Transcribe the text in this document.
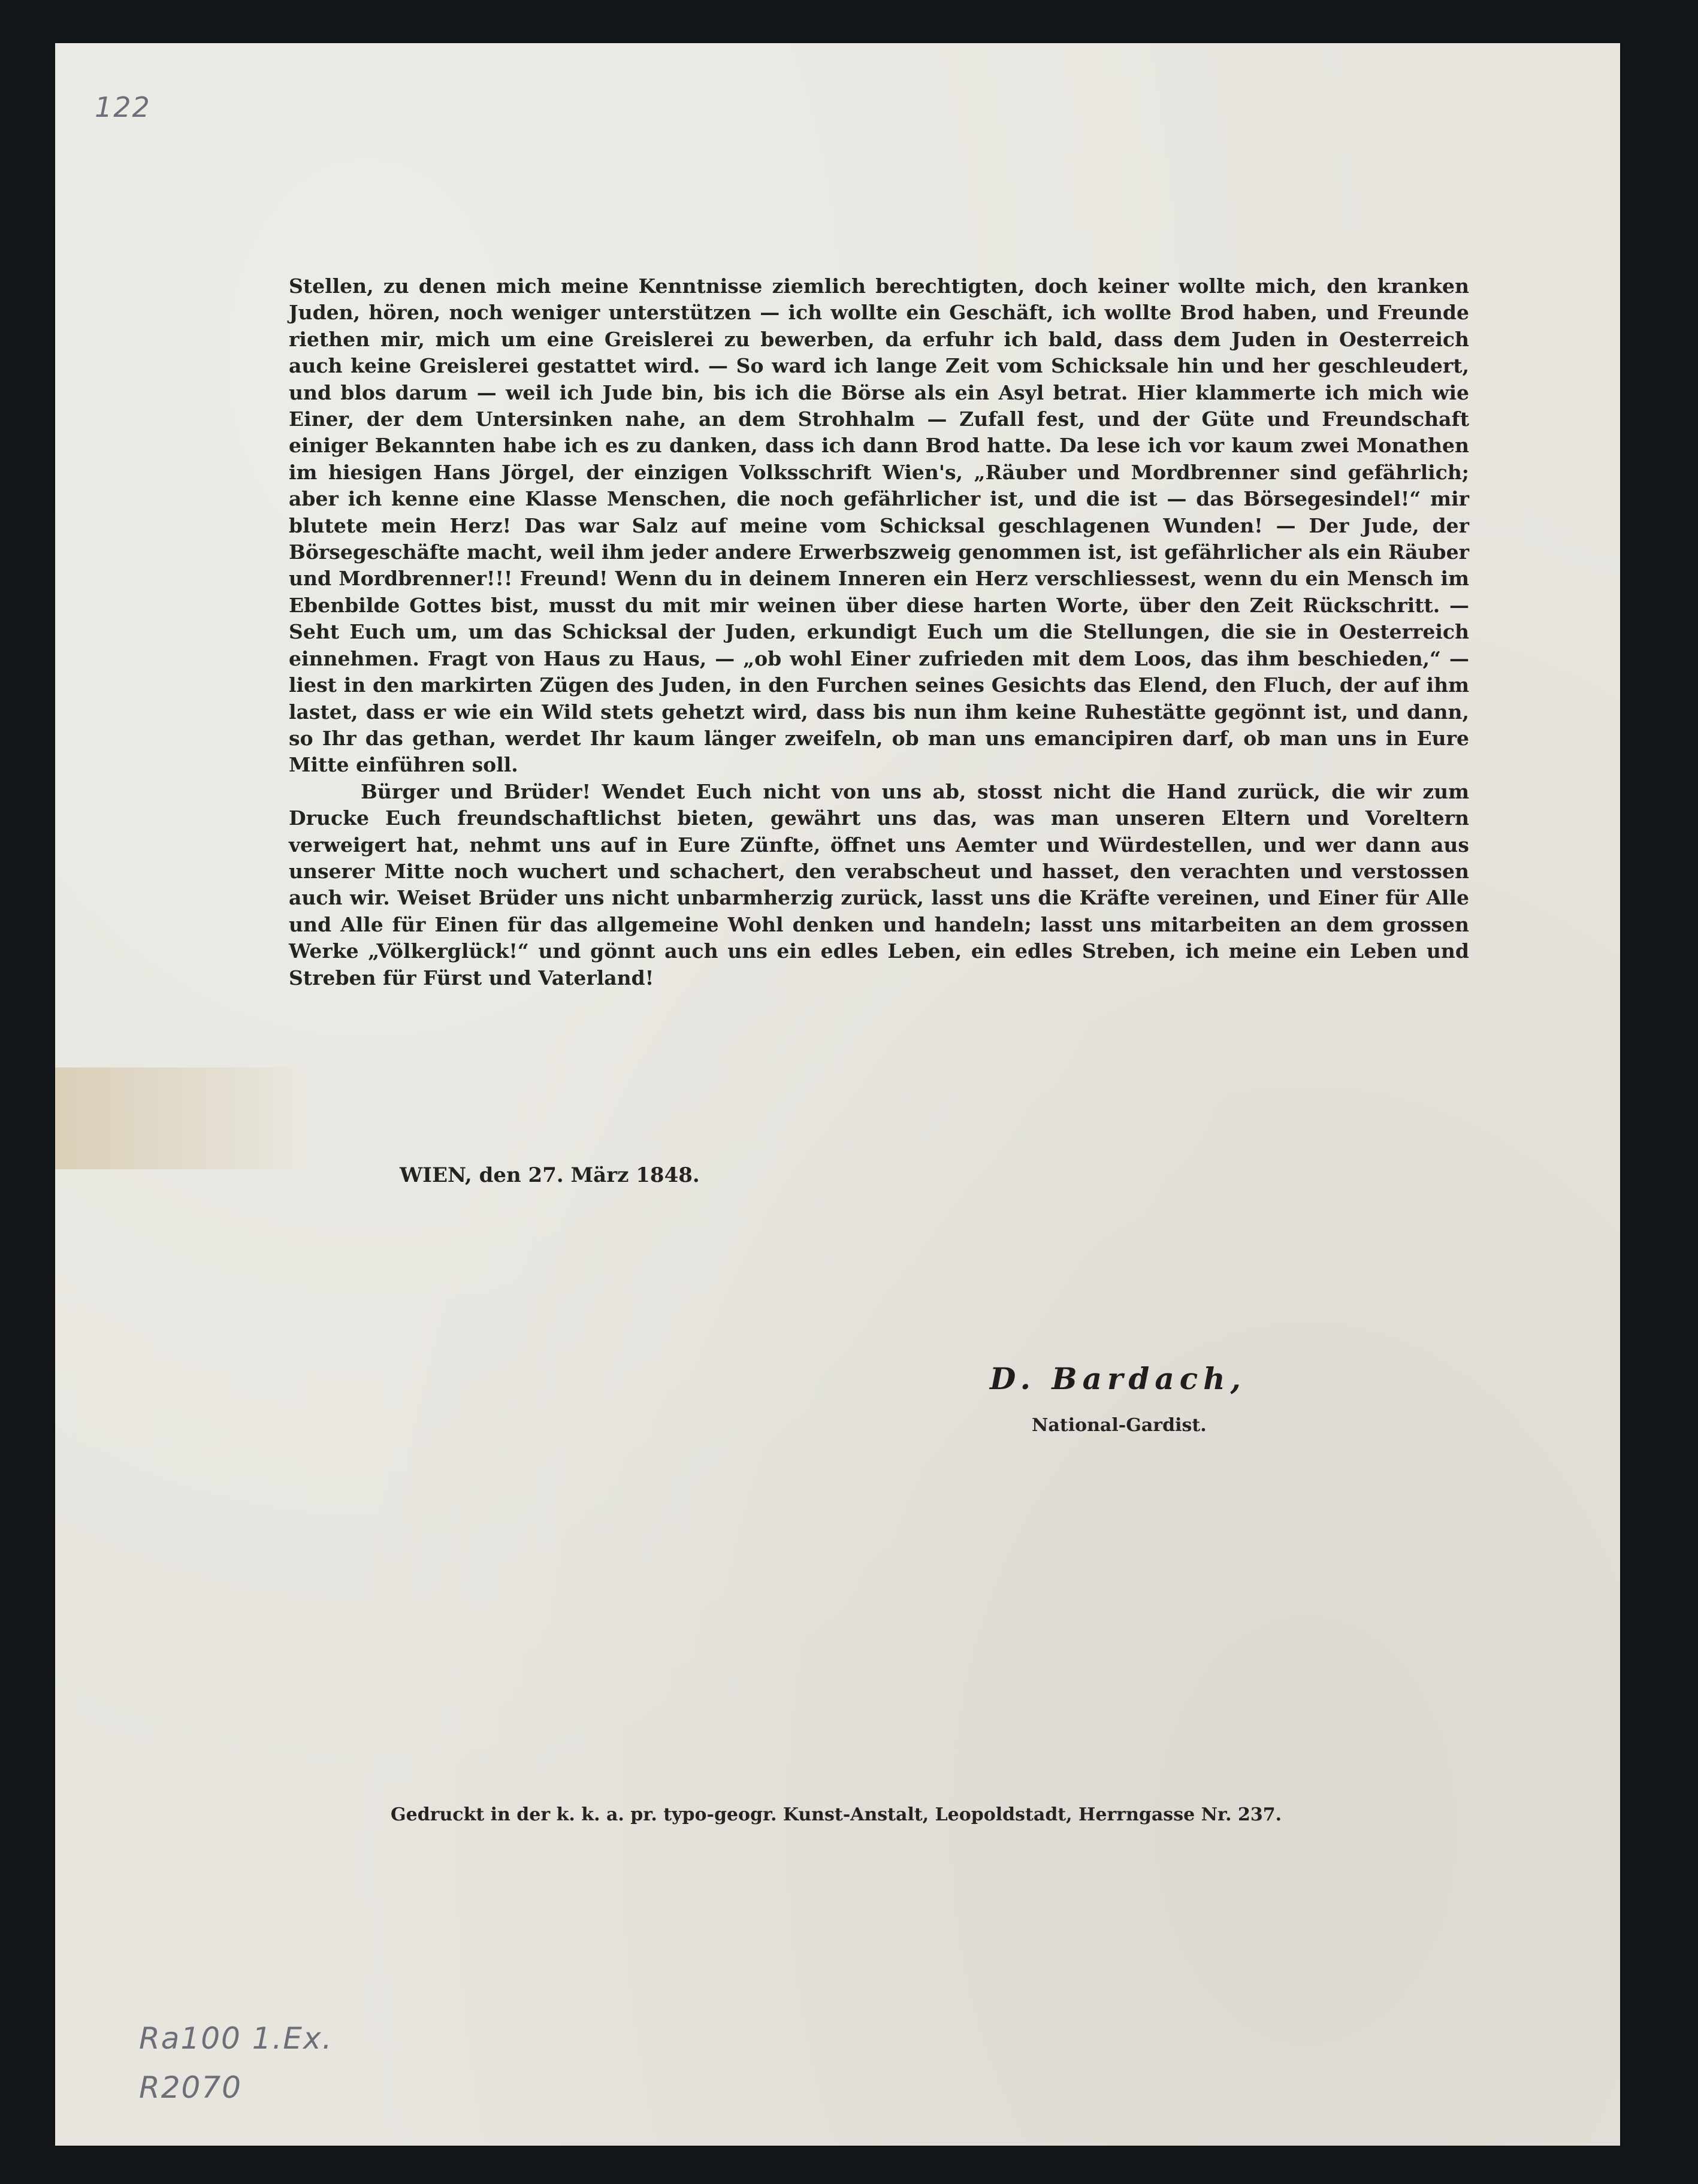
122

Stellen, zu denen mich meine Kenntnisse ziemlich berechtigten, doch keiner wollte mich, den kranken Juden, hören, noch weniger unterstützen — ich wollte ein Geschäft, ich wollte Brod haben, und Freunde riethen mir, mich um eine Greislerei zu bewerben, da erfuhr ich bald, dass dem Juden in Oesterreich auch keine Greislerei gestattet wird. — So ward ich lange Zeit vom Schicksale hin und her geschleudert, und blos darum — weil ich Jude bin, bis ich die Börse als ein Asyl betrat. Hier klammerte ich mich wie Einer, der dem Untersinken nahe, an dem Strohhalm — Zufall fest, und der Güte und Freundschaft einiger Bekannten habe ich es zu danken, dass ich dann Brod hatte. Da lese ich vor kaum zwei Monathen im hiesigen Hans Jörgel, der einzigen Volksschrift Wien's, „Räuber und Mordbrenner sind gefährlich; aber ich kenne eine Klasse Menschen, die noch gefährlicher ist, und die ist — das Börsegesindel!“ mir blutete mein Herz! Das war Salz auf meine vom Schicksal geschlagenen Wunden! — Der Jude, der Börsegeschäfte macht, weil ihm jeder andere Erwerbszweig genommen ist, ist gefährlicher als ein Räuber und Mordbrenner!!! Freund! Wenn du in deinem Inneren ein Herz verschliessest, wenn du ein Mensch im Ebenbilde Gottes bist, musst du mit mir weinen über diese harten Worte, über den Zeit Rückschritt. — Seht Euch um, um das Schicksal der Juden, erkundigt Euch um die Stellungen, die sie in Oesterreich einnehmen. Fragt von Haus zu Haus, — „ob wohl Einer zufrieden mit dem Loos, das ihm beschieden,“ — liest in den markirten Zügen des Juden, in den Furchen seines Gesichts das Elend, den Fluch, der auf ihm lastet, dass er wie ein Wild stets gehetzt wird, dass bis nun ihm keine Ruhestätte gegönnt ist, und dann, so Ihr das gethan, werdet Ihr kaum länger zweifeln, ob man uns emancipiren darf, ob man uns in Eure Mitte einführen soll.

Bürger und Brüder! Wendet Euch nicht von uns ab, stosst nicht die Hand zurück, die wir zum Drucke Euch freundschaftlichst bieten, gewährt uns das, was man unseren Eltern und Voreltern verweigert hat, nehmt uns auf in Eure Zünfte, öffnet uns Aemter und Würdestellen, und wer dann aus unserer Mitte noch wuchert und schachert, den verabscheut und hasset, den verachten und verstossen auch wir. Weiset Brüder uns nicht unbarmherzig zurück, lasst uns die Kräfte vereinen, und Einer für Alle und Alle für Einen für das allgemeine Wohl denken und handeln; lasst uns mitarbeiten an dem grossen Werke „Völkerglück!“ und gönnt auch uns ein edles Leben, ein edles Streben, ich meine ein Leben und Streben für Fürst und Vaterland!

WIEN, den 27. März 1848.
D. Bardach,
National-Gardist.
Gedruckt in der k. k. a. pr. typo-geogr. Kunst-Anstalt, Leopoldstadt, Herrngasse Nr. 237.
Ra100 1.Ex.
R2070
